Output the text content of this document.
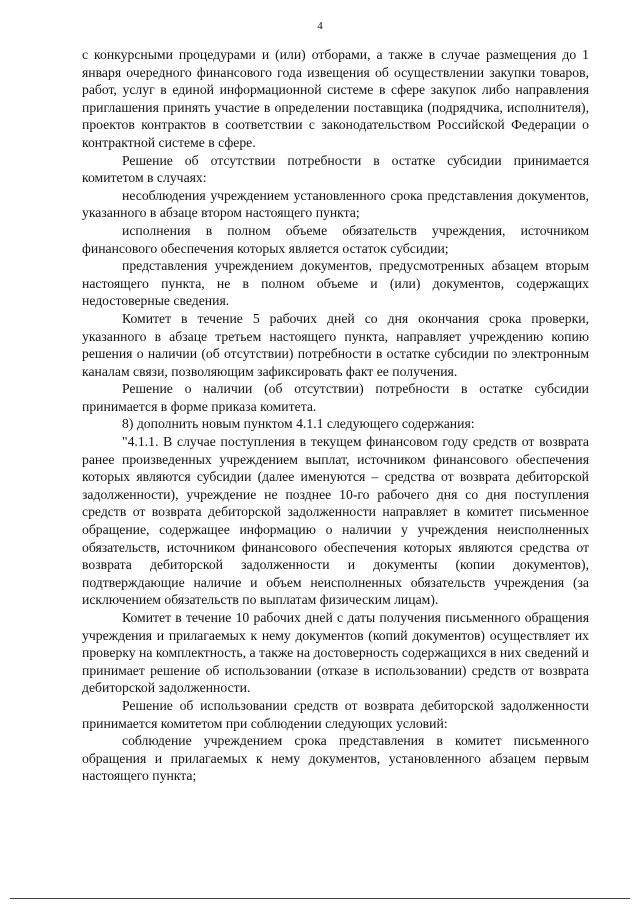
4

с конкурсными процедурами и (или) отборами, а также в случае размещения до 1 января очередного финансового года извещения об осуществлении закупки товаров, работ, услуг в единой информационной системе в сфере закупок либо направления приглашения принять участие в определении поставщика (подрядчика, исполнителя), проектов контрактов в соответствии с законодательством Российской Федерации о контрактной системе в сфере.

Решение об отсутствии потребности в остатке субсидии принимается комитетом в случаях:

несоблюдения учреждением установленного срока представления документов, указанного в абзаце втором настоящего пункта;

исполнения в полном объеме обязательств учреждения, источником финансового обеспечения которых является остаток субсидии;

представления учреждением документов, предусмотренных абзацем вторым настоящего пункта, не в полном объеме и (или) документов, содержащих недостоверные сведения.

Комитет в течение 5 рабочих дней со дня окончания срока проверки, указанного в абзаце третьем настоящего пункта, направляет учреждению копию решения о наличии (об отсутствии) потребности в остатке субсидии по электронным каналам связи, позволяющим зафиксировать факт ее получения.

Решение о наличии (об отсутствии) потребности в остатке субсидии принимается в форме приказа комитета.

8) дополнить новым пунктом 4.1.1 следующего содержания:

"4.1.1. В случае поступления в текущем финансовом году средств от возврата ранее произведенных учреждением выплат, источником финансового обеспечения которых являются субсидии (далее именуются – средства от возврата дебиторской задолженности), учреждение не позднее 10-го рабочего дня со дня поступления средств от возврата дебиторской задолженности направляет в комитет письменное обращение, содержащее информацию о наличии у учреждения неисполненных обязательств, источником финансового обеспечения которых являются средства от возврата дебиторской задолженности и документы (копии документов), подтверждающие наличие и объем неисполненных обязательств учреждения (за исключением обязательств по выплатам физическим лицам).

Комитет в течение 10 рабочих дней с даты получения письменного обращения учреждения и прилагаемых к нему документов (копий документов) осуществляет их проверку на комплектность, а также на достоверность содержащихся в них сведений и принимает решение об использовании (отказе в использовании) средств от возврата дебиторской задолженности.

Решение об использовании средств от возврата дебиторской задолженности принимается комитетом при соблюдении следующих условий:

соблюдение учреждением срока представления в комитет письменного обращения и прилагаемых к нему документов, установленного абзацем первым настоящего пункта;
